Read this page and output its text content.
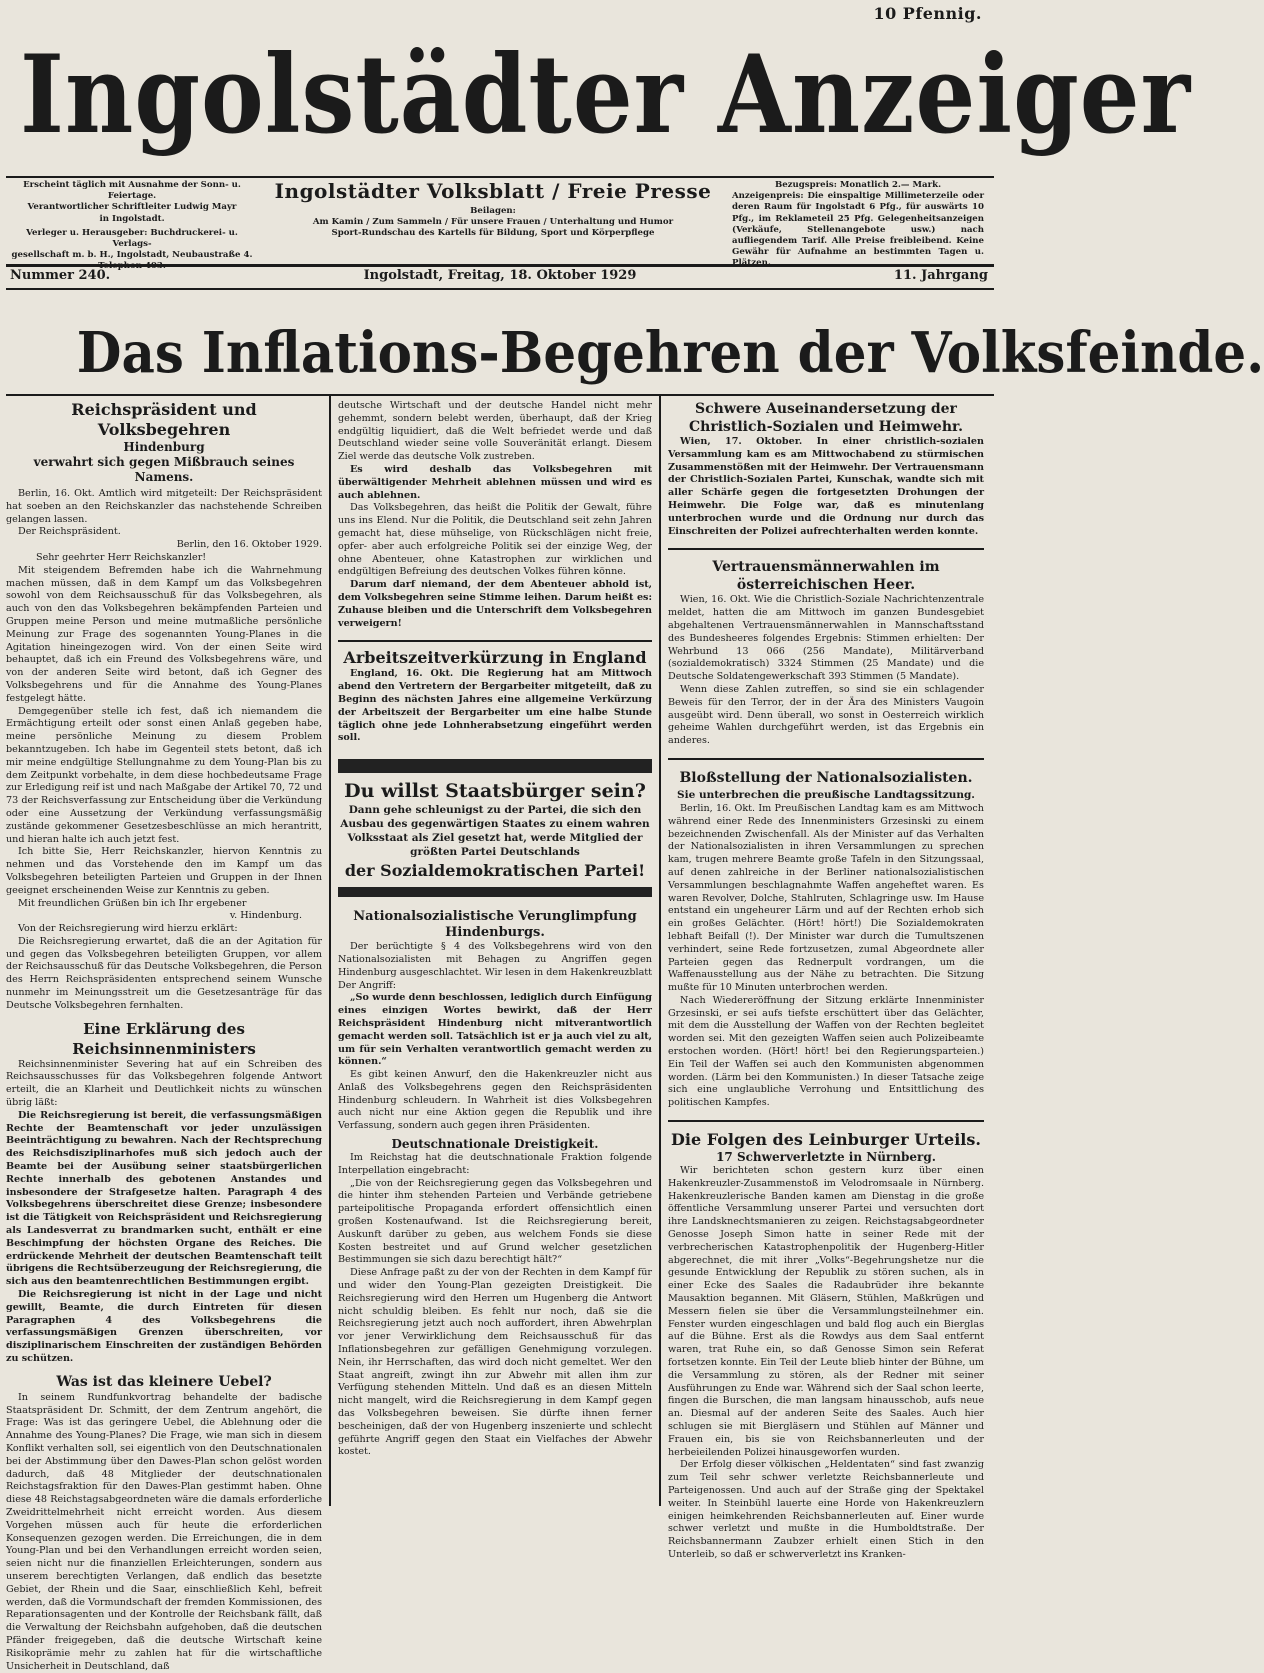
10 Pfennig.
Ingolstädter Anzeiger
Erscheint täglich mit Ausnahme der Sonn- u. Feiertage.
Verantwortlicher Schriftleiter Ludwig Mayr
in Ingolstadt.
Verleger u. Herausgeber: Buchdruckerei- u. Verlags-
gesellschaft m. b. H., Ingolstadt, Neubaustraße 4.
Ingolstädter Volksblatt / Freie Presse
Beilagen:
Am Kamin / Zum Sammeln / Für unsere Frauen / Unterhaltung und Humor
Sport-Rundschau des Kartells für Bildung, Sport und Körperpflege
Bezugspreis: Monatlich 2.— Mark.
Anzeigenpreis: Die einspaltige Millimeterzeile oder deren Raum für Ingolstadt 6 Pfg., für auswärts 10 Pfg., im Reklameteil 25 Pfg. Gelegenheitsanzeigen (Verkäufe, Stellenangebote usw.) nach aufliegendem Tarif. Alle Preise freibleibend. Keine Gewähr für Aufnahme an bestimmten Tagen u.
Nummer 240.	Ingolstadt, Freitag, 18. Oktober 1929	11. Jahrgang
Das Inflations-Begehren der Volksfeinde.
Reichspräsident und Volksbegehren
Hindenburg
verwahrt sich gegen Mißbrauch seines Namens.

Berlin, 16. Okt. Amtlich wird mitgeteilt: Der Reichspräsident hat soeben an den Reichskanzler das nachstehende Schreiben gelangen lassen.

Der Reichspräsident.

Berlin, den 16. Oktober 1929.
Sehr geehrter Herr Reichskanzler!

Mit steigendem Befremden habe ich die Wahrnehmung machen müssen, daß in dem Kampf um das Volksbegehren sowohl von dem Reichsausschuß für das Volksbegehren, als auch von den das Volksbegehren bekämpfenden Parteien und Gruppen meine Person und meine mutmaßliche persönliche Meinung zur Frage des sogenannten Young-Planes in die Agitation hineingezogen wird. Von der einen Seite wird behauptet, daß ich ein Freund des Volksbegehrens wäre, und von der anderen Seite wird betont, daß ich Gegner des Volksbegehrens und für die Annahme des Young-Planes festgelegt hätte.

Demgegenüber stelle ich fest, daß ich niemandem die Ermächtigung erteilt oder sonst einen Anlaß gegeben habe, meine persönliche Meinung zu diesem Problem bekanntzugeben. Ich habe im Gegenteil stets betont, daß ich mir meine endgültige Stellungnahme zu dem Young-Plan bis zu dem Zeitpunkt vorbehalte, in dem diese hochbedeutsame Frage zur Erledigung reif ist und nach Maßgabe der Artikel 70, 72 und 73 der Reichsverfassung zur Entscheidung über die Verkündung oder eine Aussetzung der Verkündung verfassungsmäßig zustände gekommener Gesetzesbeschlüsse an mich herantritt, und hieran halte ich auch jetzt fest.

Ich bitte Sie, Herr Reichskanzler, hiervon Kenntnis zu nehmen und das Vorstehende den im Kampf um das Volksbegehren beteiligten Parteien und Gruppen in der Ihnen geeignet erscheinenden Weise zur Kenntnis zu geben.

Mit freundlichen Grüßen bin ich Ihr ergebener

v. Hindenburg.

Von der Reichsregierung wird hierzu erklärt:

Die Reichsregierung erwartet, daß die an der Agitation für und gegen das Volksbegehren beteiligten Gruppen, vor allem der Reichsausschuß für das Deutsche Volksbegehren, die Person des Herrn Reichspräsidenten entsprechend seinem Wunsche nunmehr im Meinungsstreit um die Gesetzesanträge für das Deutsche Volksbegehren fernhalten.

Eine Erklärung des Reichsinnenministers

Reichsinnenminister Severing hat auf ein Schreiben des Reichsausschusses für das Volksbegehren folgende Antwort erteilt, die an Klarheit und Deutlichkeit nichts zu wünschen übrig läßt:

Die Reichsregierung ist bereit, die verfassungsmäßigen Rechte der Beamtenschaft vor jeder unzulässigen Beeinträchtigung zu bewahren. Nach der Rechtsprechung des Reichsdisziplinarhofes muß sich jedoch auch der Beamte bei der Ausübung seiner staatsbürgerlichen Rechte innerhalb des gebotenen Anstandes und insbesondere der Strafgesetze halten. Paragraph 4 des Volksbegehrens überschreitet diese Grenze; insbesondere ist die Tätigkeit von Reichspräsident und Reichsregierung als Landesverrat zu brandmarken sucht, enthält er eine Beschimpfung der höchsten Organe des Reiches. Die erdrückende Mehrheit der deutschen Beamtenschaft teilt übrigens die Rechtsüberzeugung der Reichsregierung, die sich aus den beamtenrechtlichen Bestimmungen ergibt.

Die Reichsregierung ist nicht in der Lage und nicht gewillt, Beamte, die durch Eintreten für diesen Paragraphen 4 des Volksbegehrens die verfassungsmäßigen Grenzen überschreiten, vor disziplinarischem Einschreiten der zuständigen Behörden zu schützen.

Was ist das kleinere Uebel?

In seinem Rundfunkvortrag behandelte der badische Staatspräsident Dr. Schmitt, der dem Zentrum angehört, die Frage: Was ist das geringere Uebel, die Ablehnung oder die Annahme des Young-Planes? Die Frage, wie man sich in diesem Konflikt verhalten soll, sei eigentlich von den Deutschnationalen bei der Abstimmung über den Dawes-Plan schon gelöst worden dadurch, daß 48 Mitglieder der deutschnationalen Reichstagsfraktion für den Dawes-Plan gestimmt haben. Ohne diese 48 Reichstagsabgeordneten wäre die damals erforderliche Zweidrittelmehrheit nicht erreicht worden. Aus diesem Vorgehen müssen auch für heute die erforderlichen Konsequenzen gezogen werden. Die Erreichungen, die in dem Young-Plan und bei den Verhandlungen erreicht worden seien, seien nicht nur die finanziellen Erleichterungen, sondern aus unserem berechtigten Verlangen, daß endlich das besetzte Gebiet, der Rhein und die Saar, einschließlich Kehl, befreit werden, daß die Vormundschaft der fremden Kommissionen, des Reparationsagenten und der Kontrolle der Reichsbank fällt, daß die Verwaltung der Reichsbahn aufgehoben, daß die deutschen Pfänder freigegeben, daß die deutsche Wirtschaft keine Risikoprämie mehr zu zahlen hat für die wirtschaftliche Unsicherheit in Deutschland, daß

deutsche Wirtschaft und der deutsche Handel nicht mehr gehemmt, sondern belebt werden, überhaupt, daß der Krieg endgültig liquidiert, daß die Welt befriedet werde und daß Deutschland wieder seine volle Souveränität erlangt. Diesem Ziel werde das deutsche Volk zustreben.

Es wird deshalb das Volksbegehren mit überwältigender Mehrheit ablehnen müssen und wird es auch ablehnen.

Das Volksbegehren, das heißt die Politik der Gewalt, führe uns ins Elend. Nur die Politik, die Deutschland seit zehn Jahren gemacht hat, diese mühselige, von Rückschlägen nicht freie, opfer- aber auch erfolgreiche Politik sei der einzige Weg, der ohne Abenteuer, ohne Katastrophen zur wirklichen und endgültigen Befreiung des deutschen Volkes führen könne.

Darum darf niemand, der dem Abenteuer abhold ist, dem Volksbegehren seine Stimme leihen. Darum heißt es: Zuhause bleiben und die Unterschrift dem Volksbegehren verweigern!

Arbeitszeitverkürzung in England

England, 16. Okt. Die Regierung hat am Mittwoch abend den Vertretern der Bergarbeiter mitgeteilt, daß zu Beginn des nächsten Jahres eine allgemeine Verkürzung der Arbeitszeit der Bergarbeiter um eine halbe Stunde täglich ohne jede Lohnherabsetzung eingeführt werden soll.

Du willst Staatsbürger sein?
Dann gehe schleunigst zu der Partei, die sich den Ausbau des gegenwärtigen Staates zu einem wahren Volksstaat als Ziel gesetzt hat, werde Mitglied der größten Partei Deutschlands
der Sozialdemokratischen Partei!
Nationalsozialistische Verunglimpfung Hindenburgs.

Der berüchtigte § 4 des Volksbegehrens wird von den Nationalsozialisten mit Behagen zu Angriffen gegen Hindenburg ausgeschlachtet. Wir lesen in dem Hakenkreuzblatt Der Angriff:

„So wurde denn beschlossen, lediglich durch Einfügung eines einzigen Wortes bewirkt, daß der Herr Reichspräsident Hindenburg nicht mitverantwortlich gemacht werden soll. Tatsächlich ist er ja auch viel zu alt, um für sein Verhalten verantwortlich gemacht werden zu können.“

Es gibt keinen Anwurf, den die Hakenkreuzler nicht aus Anlaß des Volksbegehrens gegen den Reichspräsidenten Hindenburg schleudern. In Wahrheit ist dies Volksbegehren auch nicht nur eine Aktion gegen die Republik und ihre Verfassung, sondern auch gegen ihren Präsidenten.

Deutschnationale Dreistigkeit.

Im Reichstag hat die deutschnationale Fraktion folgende Interpellation eingebracht:

„Die von der Reichsregierung gegen das Volksbegehren und die hinter ihm stehenden Parteien und Verbände getriebene parteipolitische Propaganda erfordert offensichtlich einen großen Kostenaufwand. Ist die Reichsregierung bereit, Auskunft darüber zu geben, aus welchem Fonds sie diese Kosten bestreitet und auf Grund welcher gesetzlichen Bestimmungen sie sich dazu berechtigt hält?“

Diese Anfrage paßt zu der von der Rechten in dem Kampf für und wider den Young-Plan gezeigten Dreistigkeit. Die Reichsregierung wird den Herren um Hugenberg die Antwort nicht schuldig bleiben. Es fehlt nur noch, daß sie die Reichsregierung jetzt auch noch auffordert, ihren Abwehrplan vor jener Verwirklichung dem Reichsausschuß für das Inflationsbegehren zur gefälligen Genehmigung vorzulegen. Nein, ihr Herrschaften, das wird doch nicht gemeltet. Wer den Staat angreift, zwingt ihn zur Abwehr mit allen ihm zur Verfügung stehenden Mitteln. Und daß es an diesen Mitteln nicht mangelt, wird die Reichsregierung in dem Kampf gegen das Volksbegehren beweisen. Sie dürfte ihnen ferner bescheinigen, daß der von Hugenberg inszenierte und schlecht geführte Angriff gegen den Staat ein Vielfaches der Abwehr kostet.

Schwere Auseinandersetzung der Christlich-Sozialen und Heimwehr.

Wien, 17. Oktober. In einer christlich-sozialen Versammlung kam es am Mittwochabend zu stürmischen Zusammenstößen mit der Heimwehr. Der Vertrauensmann der Christlich-Sozialen Partei, Kunschak, wandte sich mit aller Schärfe gegen die fortgesetzten Drohungen der Heimwehr. Die Folge war, daß es minutenlang unterbrochen wurde und die Ordnung nur durch das Einschreiten der Polizei aufrechterhalten werden konnte.

Vertrauensmännerwahlen im österreichischen Heer.

Wien, 16. Okt. Wie die Christlich-Soziale Nachrichtenzentrale meldet, hatten die am Mittwoch im ganzen Bundesgebiet abgehaltenen Vertrauensmännerwahlen in Mannschaftsstand des Bundesheeres folgendes Ergebnis: Stimmen erhielten: Der Wehrbund 13 066 (256 Mandate), Militärverband (sozialdemokratisch) 3324 Stimmen (25 Mandate) und die Deutsche Soldatengewerkschaft 393 Stimmen (5 Mandate).

Wenn diese Zahlen zutreffen, so sind sie ein schlagender Beweis für den Terror, der in der Ära des Ministers Vaugoin ausgeübt wird. Denn überall, wo sonst in Oesterreich wirklich geheime Wahlen durchgeführt werden, ist das Ergebnis ein anderes.

Bloßstellung der Nationalsozialisten.
Sie unterbrechen die preußische Landtagssitzung.

Berlin, 16. Okt. Im Preußischen Landtag kam es am Mittwoch während einer Rede des Innenministers Grzesinski zu einem bezeichnenden Zwischenfall. Als der Minister auf das Verhalten der Nationalsozialisten in ihren Versammlungen zu sprechen kam, trugen mehrere Beamte große Tafeln in den Sitzungssaal, auf denen zahlreiche in der Berliner nationalsozialistischen Versammlungen beschlagnahmte Waffen angeheftet waren. Es waren Revolver, Dolche, Stahlruten, Schlagringe usw. Im Hause entstand ein ungeheurer Lärm und auf der Rechten erhob sich ein großes Gelächter. (Hört! hört!) Die Sozialdemokraten lebhaft Beifall (!). Der Minister war durch die Tumultszenen verhindert, seine Rede fortzusetzen, zumal Abgeordnete aller Parteien gegen das Rednerpult vordrangen, um die Waffenausstellung aus der Nähe zu betrachten. Die Sitzung mußte für 10 Minuten unterbrochen werden.

Nach Wiedereröffnung der Sitzung erklärte Innenminister Grzesinski, er sei aufs tiefste erschüttert über das Gelächter, mit dem die Ausstellung der Waffen von der Rechten begleitet worden sei. Mit den gezeigten Waffen seien auch Polizeibeamte erstochen worden. (Hört! hört! bei den Regierungsparteien.) Ein Teil der Waffen sei auch den Kommunisten abgenommen worden. (Lärm bei den Kommunisten.) In dieser Tatsache zeige sich eine unglaubliche Verrohung und Entsittlichung des politischen Kampfes.

Die Folgen des Leinburger Urteils.
17 Schwerverletzte in Nürnberg.

Wir berichteten schon gestern kurz über einen Hakenkreuzler-Zusammenstoß im Velodromsaale in Nürnberg. Hakenkreuzlerische Banden kamen am Dienstag in die große öffentliche Versammlung unserer Partei und versuchten dort ihre Landsknechtsmanieren zu zeigen. Reichstagsabgeordneter Genosse Joseph Simon hatte in seiner Rede mit der verbrecherischen Katastrophenpolitik der Hugenberg-Hitler abgerechnet, die mit ihrer „Volks“-Begehrungshetze nur die gesunde Entwicklung der Republik zu stören suchen, als in einer Ecke des Saales die Radaubrüder ihre bekannte Mausaktion begannen. Mit Gläsern, Stühlen, Maßkrügen und Messern fielen sie über die Versammlungsteilnehmer ein. Fenster wurden eingeschlagen und bald flog auch ein Bierglas auf die Bühne. Erst als die Rowdys aus dem Saal entfernt waren, trat Ruhe ein, so daß Genosse Simon sein Referat fortsetzen konnte. Ein Teil der Leute blieb hinter der Bühne, um die Versammlung zu stören, als der Redner mit seiner Ausführungen zu Ende war. Während sich der Saal schon leerte, fingen die Burschen, die man langsam hinausschob, aufs neue an. Diesmal auf der anderen Seite des Saales. Auch hier schlugen sie mit Biergläsern und Stühlen auf Männer und Frauen ein, bis sie von Reichsbannerleuten und der herbeieilenden Polizei hinausgeworfen wurden.

Der Erfolg dieser völkischen „Heldentaten“ sind fast zwanzig zum Teil sehr schwer verletzte Reichsbannerleute und Parteigenossen. Und auch auf der Straße ging der Spektakel weiter. In Steinbühl lauerte eine Horde von Hakenkreuzlern einigen heimkehrenden Reichsbannerleuten auf. Einer wurde schwer verletzt und mußte in die Humboldtstraße. Der Reichsbannermann Zaubzer erhielt einen Stich in den Unterleib, so daß er schwerverletzt ins Kranken-
